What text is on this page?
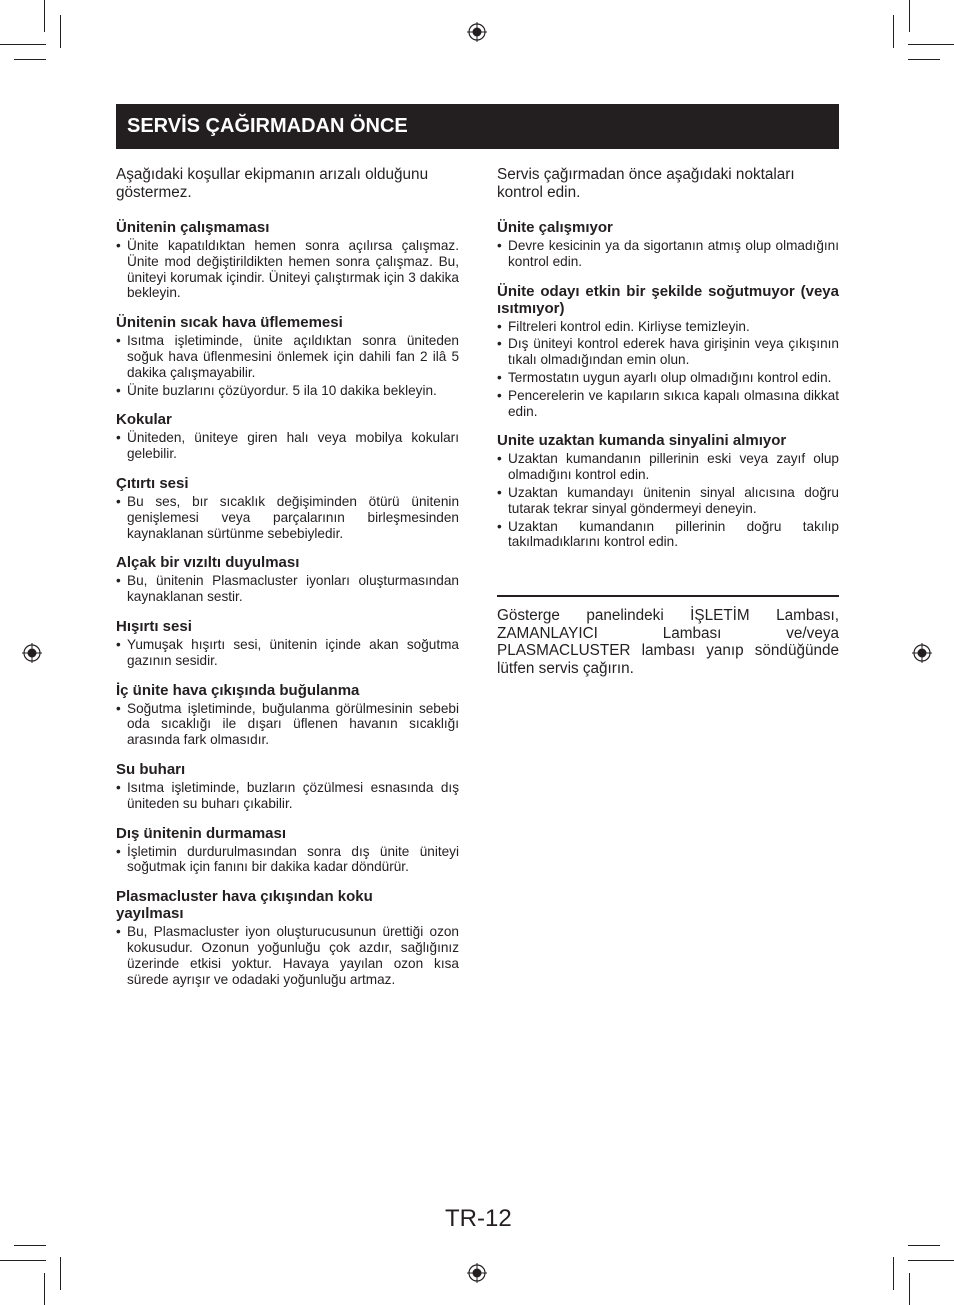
SERVİS ÇAĞIRMADAN ÖNCE

Aşağıdaki koşullar ekipmanın arızalı olduğunu göstermez.

Ünitenin çalışmaması
• Ünite kapatıldıktan hemen sonra açılırsa çalışmaz. Ünite mod değiştirildikten hemen sonra çalışmaz. Bu, üniteyi korumak içindir. Üniteyi çalıştırmak için 3 dakika bekleyin.
Ünitenin sıcak hava üflememesi
• Isıtma işletiminde, ünite açıldıktan sonra üniteden soğuk hava üflenmesini önlemek için dahili fan 2 ilâ 5 dakika çalışmayabilir.
• Ünite buzlarını çözüyordur. 5 ila 10 dakika bekleyin.
Kokular
• Üniteden, üniteye giren halı veya mobilya kokuları gelebilir.
Çıtırtı sesi
• Bu ses, bır sıcaklık değişiminden ötürü ünitenin genişlemesi veya parçalarının birleşmesinden kaynaklanan sürtünme sebebiyledir.
Alçak bir vızıltı duyulması
• Bu, ünitenin Plasmacluster iyonları oluşturmasından kaynaklanan sestir.
Hışırtı sesi
• Yumuşak hışırtı sesi, ünitenin içinde akan soğutma gazının sesidir.
İç ünite hava çıkışında buğulanma
• Soğutma işletiminde, buğulanma görülmesinin sebebi oda sıcaklığı ile dışarı üflenen havanın sıcaklığı arasında fark olmasıdır.
Su buharı
• Isıtma işletiminde, buzların çözülmesi esnasında dış üniteden su buharı çıkabilir.
Dış ünitenin durmaması
• İşletimin durdurulmasından sonra dış ünite üniteyi soğutmak için fanını bir dakika kadar döndürür.
Plasmacluster hava çıkışından koku yayılması
• Bu, Plasmacluster iyon oluşturucusunun ürettiği ozon kokusudur. Ozonun yoğunluğu çok azdır, sağlığınız üzerinde etkisi yoktur. Havaya yayılan ozon kısa sürede ayrışır ve odadaki yoğunluğu artmaz.

Servis çağırmadan önce aşağıdaki noktaları kontrol edin.

Ünite çalışmıyor
• Devre kesicinin ya da sigortanın atmış olup olmadığını kontrol edin.
Ünite odayı etkin bir şekilde soğutmuyor (veya ısıtmıyor)
• Filtreleri kontrol edin. Kirliyse temizleyin.
• Dış üniteyi kontrol ederek hava girişinin veya çıkışının tıkalı olmadığından emin olun.
• Termostatın uygun ayarlı olup olmadığını kontrol edin.
• Pencerelerin ve kapıların sıkıca kapalı olmasına dikkat edin.
Unite uzaktan kumanda sinyalini almıyor
• Uzaktan kumandanın pillerinin eski veya zayıf olup olmadığını kontrol edin.
• Uzaktan kumandayı ünitenin sinyal alıcısına doğru tutarak tekrar sinyal göndermeyi deneyin.
• Uzaktan kumandanın pillerinin doğru takılıp takılmadıklarını kontrol edin.

Gösterge panelindeki İŞLETİM Lambası, ZAMANLAYICI Lambası ve/veya PLASMACLUSTER lambası yanıp söndüğünde lütfen servis çağırın.

TR-12
